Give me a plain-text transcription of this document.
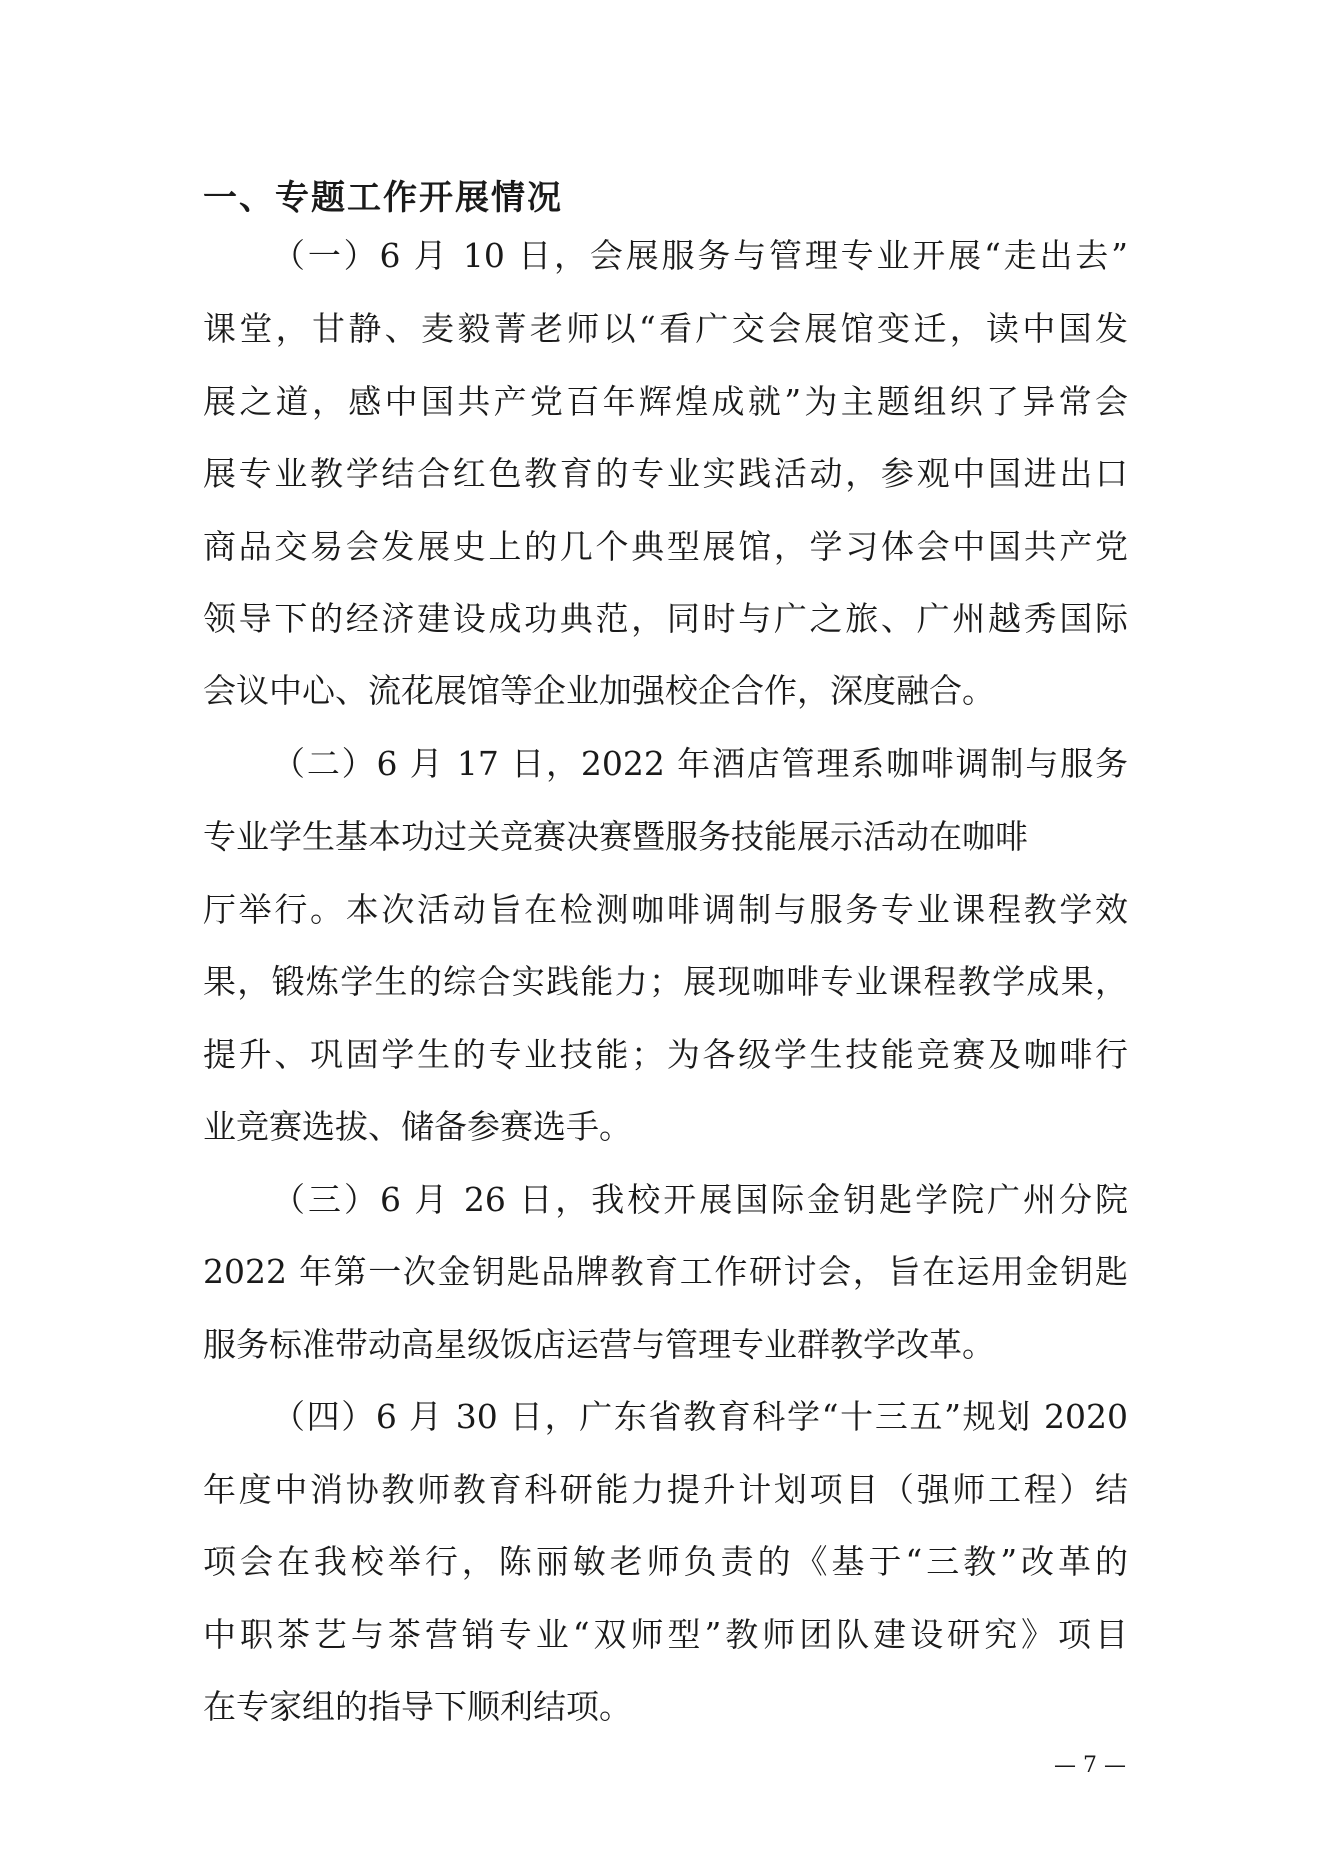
一、专题工作开展情况
（一）6 月 10 日，会展服务与管理专业开展“走出去”
课堂，甘静、麦毅菁老师以“看广交会展馆变迁，读中国发
展之道，感中国共产党百年辉煌成就”为主题组织了异常会
展专业教学结合红色教育的专业实践活动，参观中国进出口
商品交易会发展史上的几个典型展馆，学习体会中国共产党
领导下的经济建设成功典范，同时与广之旅、广州越秀国际
会议中心、流花展馆等企业加强校企合作，深度融合。
（二）6 月 17 日，2022 年酒店管理系咖啡调制与服务
专业学生基本功过关竞赛决赛暨服务技能展示活动在咖啡
厅举行。本次活动旨在检测咖啡调制与服务专业课程教学效
果，锻炼学生的综合实践能力；展现咖啡专业课程教学成果，
提升、巩固学生的专业技能；为各级学生技能竞赛及咖啡行
业竞赛选拔、储备参赛选手。
（三）6 月 26 日，我校开展国际金钥匙学院广州分院
2022 年第一次金钥匙品牌教育工作研讨会，旨在运用金钥匙
服务标准带动高星级饭店运营与管理专业群教学改革。
（四）6 月 30 日，广东省教育科学“十三五”规划 2020
年度中消协教师教育科研能力提升计划项目（强师工程）结
项会在我校举行，陈丽敏老师负责的《基于“三教”改革的
中职茶艺与茶营销专业“双师型”教师团队建设研究》项目
在专家组的指导下顺利结项。
— 7 —
